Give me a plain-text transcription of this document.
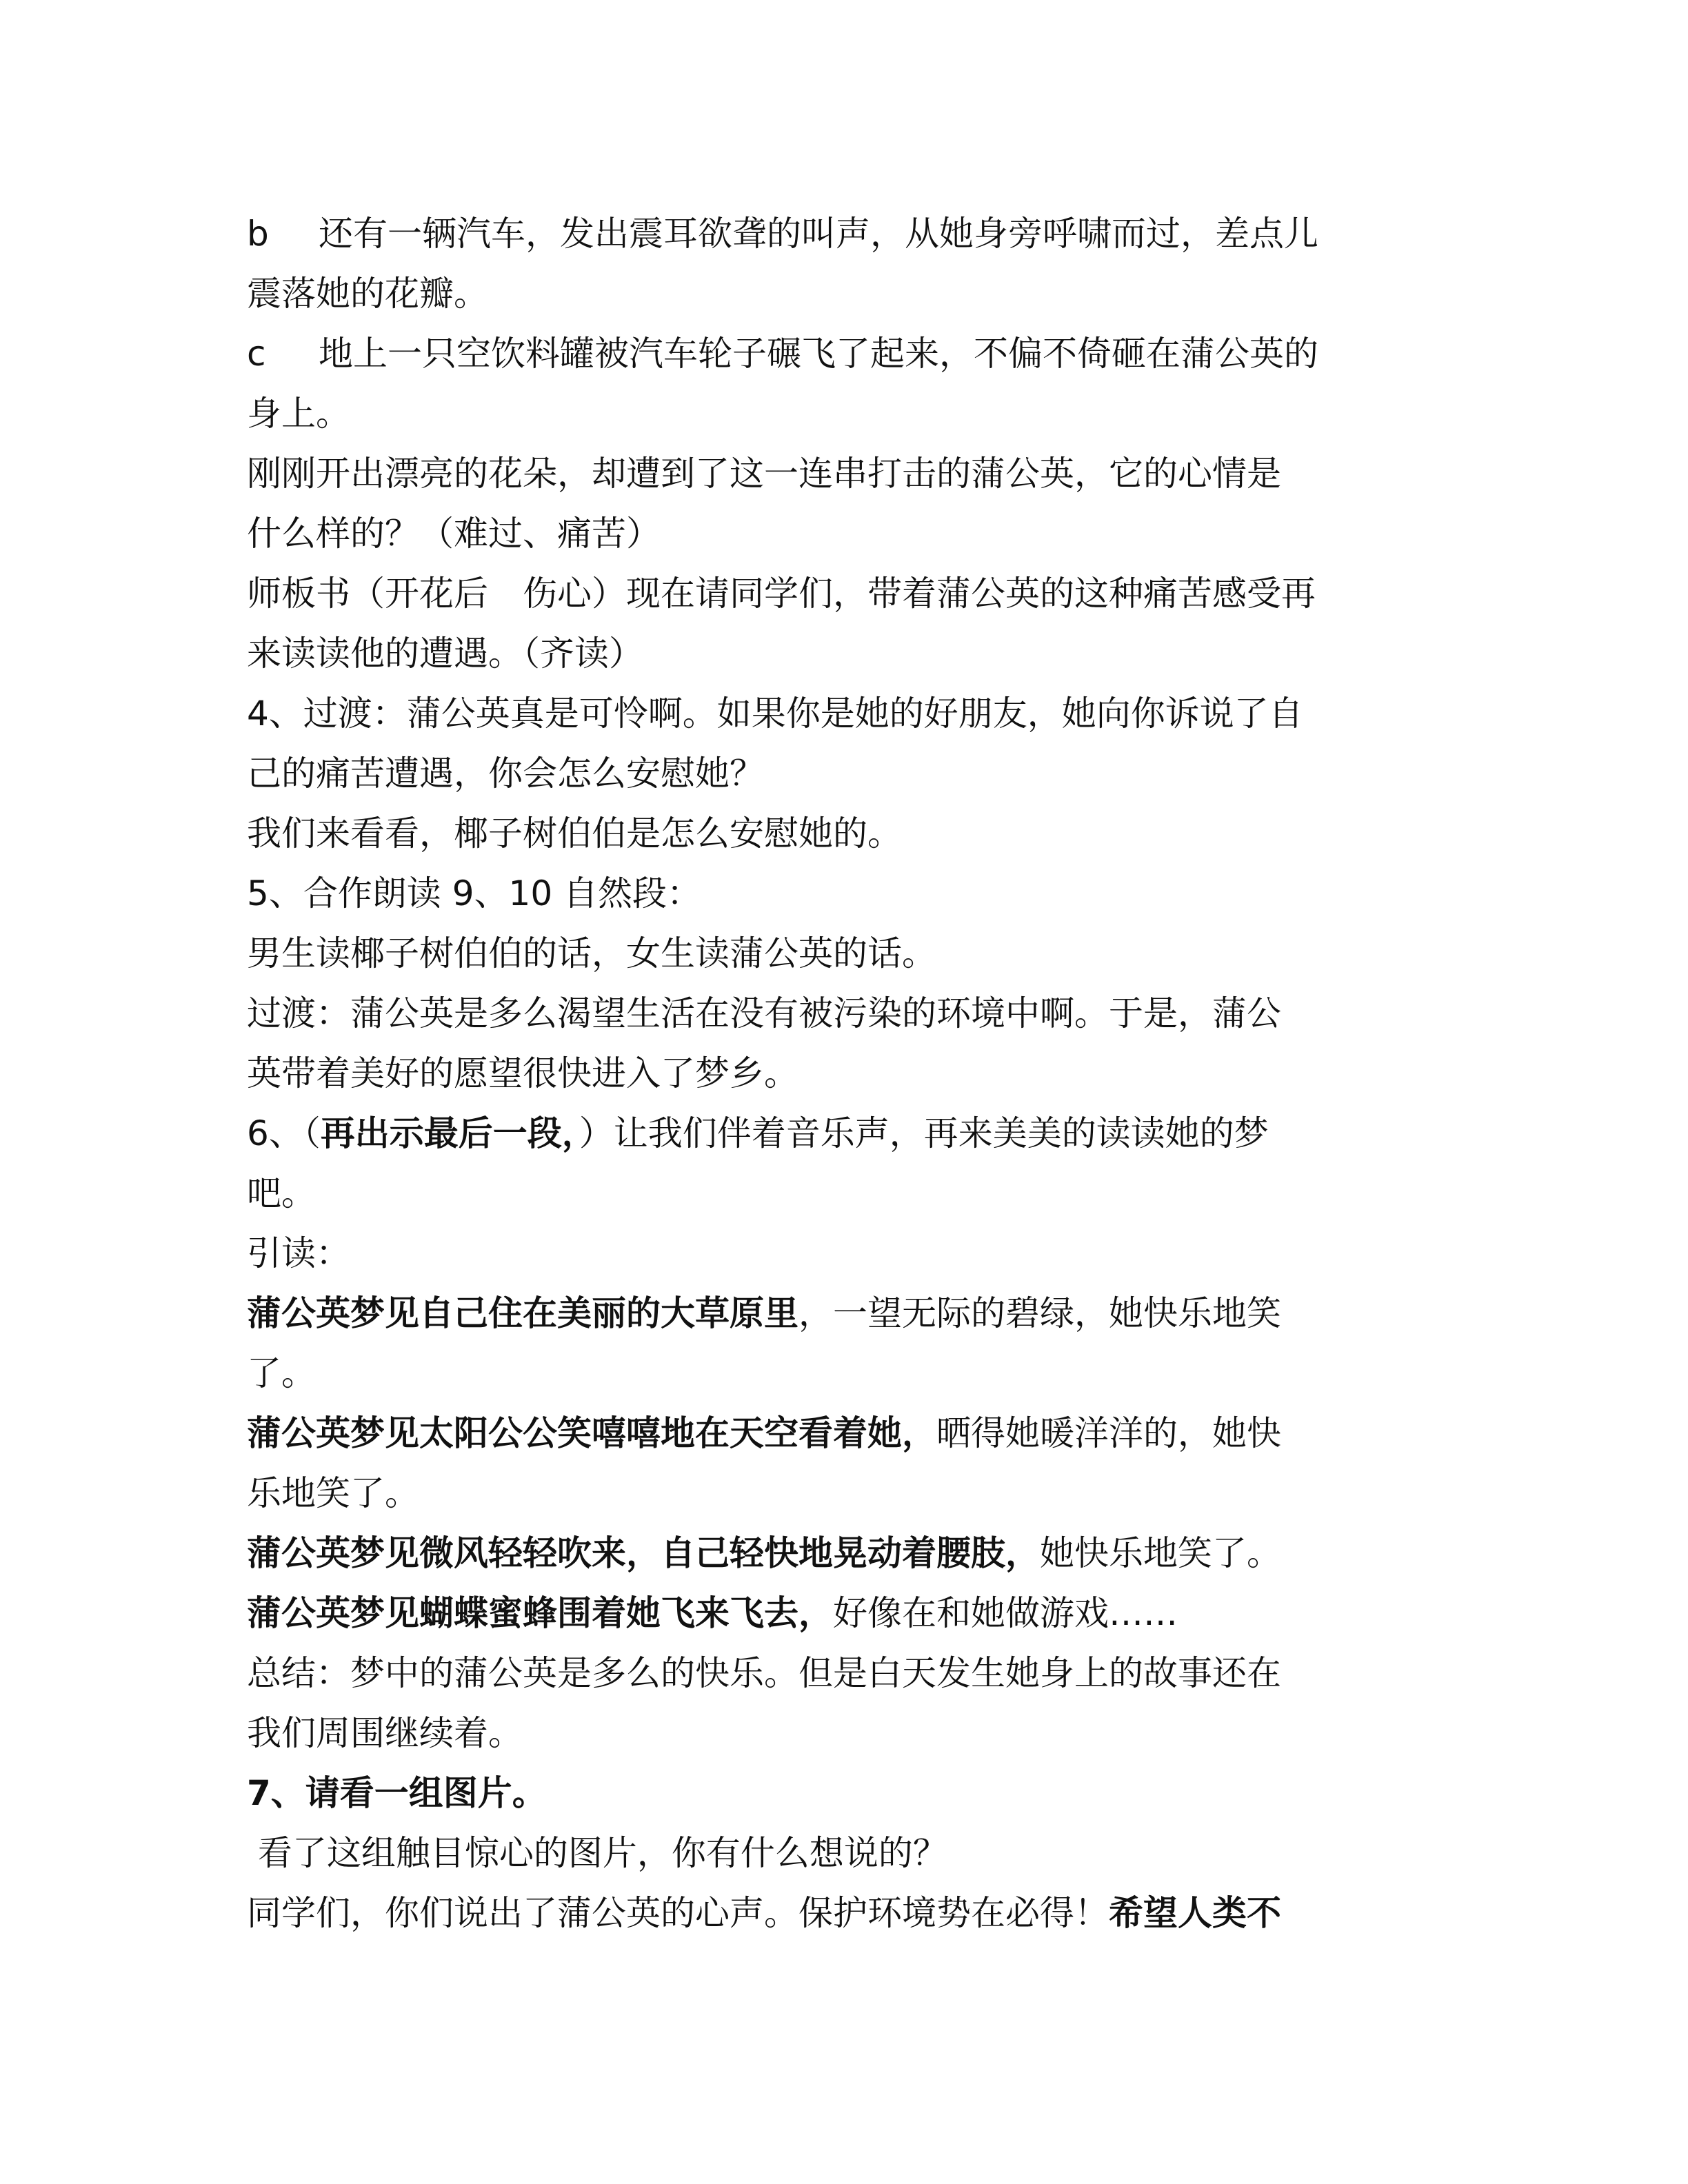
b 还有一辆汽车，发出震耳欲聋的叫声，从她身旁呼啸而过，差点儿
震落她的花瓣。
c 地上一只空饮料罐被汽车轮子碾飞了起来，不偏不倚砸在蒲公英的
身上。
刚刚开出漂亮的花朵，却遭到了这一连串打击的蒲公英，它的心情是
什么样的？（难过、痛苦）
师板书（开花后　伤心）现在请同学们，带着蒲公英的这种痛苦感受再
来读读他的遭遇。（齐读）
4、过渡：蒲公英真是可怜啊。如果你是她的好朋友，她向你诉说了自
己的痛苦遭遇，你会怎么安慰她？
我们来看看，椰子树伯伯是怎么安慰她的。
5、合作朗读 9、10 自然段：
男生读椰子树伯伯的话，女生读蒲公英的话。
过渡：蒲公英是多么渴望生活在没有被污染的环境中啊。于是，蒲公
英带着美好的愿望很快进入了梦乡。
6、（再出示最后一段，）让我们伴着音乐声，再来美美的读读她的梦
吧。
引读：
蒲公英梦见自己住在美丽的大草原里，一望无际的碧绿，她快乐地笑
了。
蒲公英梦见太阳公公笑嘻嘻地在天空看着她，晒得她暖洋洋的，她快
乐地笑了。
蒲公英梦见微风轻轻吹来，自己轻快地晃动着腰肢，她快乐地笑了。
蒲公英梦见蝴蝶蜜蜂围着她飞来飞去，好像在和她做游戏……
总结：梦中的蒲公英是多么的快乐。但是白天发生她身上的故事还在
我们周围继续着。
7、请看一组图片。
看了这组触目惊心的图片，你有什么想说的？
同学们，你们说出了蒲公英的心声。保护环境势在必得！希望人类不
